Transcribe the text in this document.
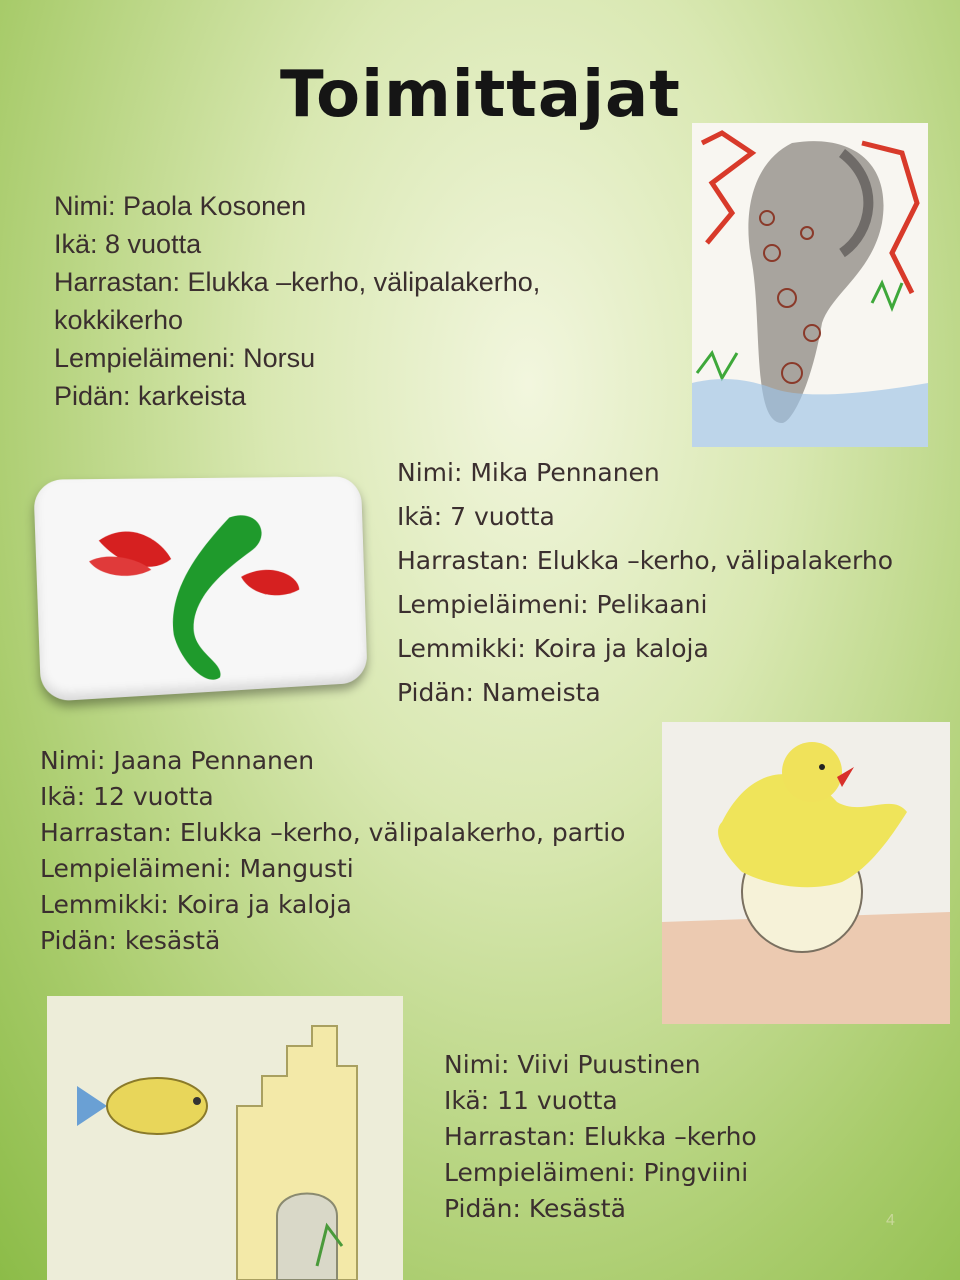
Toimittajat
Nimi: Paola Kosonen
Ikä: 8 vuotta
Harrastan: Elukka –kerho, välipalakerho,
kokkikerho
Lempieläimeni: Norsu
Pidän: karkeista
Nimi: Mika Pennanen
Ikä: 7 vuotta
Harrastan: Elukka –kerho, välipalakerho
Lempieläimeni: Pelikaani
Lemmikki: Koira ja kaloja
Pidän: Nameista
Nimi: Jaana Pennanen
Ikä: 12 vuotta
Harrastan: Elukka –kerho, välipalakerho, partio
Lempieläimeni: Mangusti
Lemmikki: Koira ja kaloja
Pidän: kesästä
Nimi: Viivi Puustinen
Ikä: 11 vuotta
Harrastan: Elukka –kerho
Lempieläimeni: Pingviini
Pidän: Kesästä	4
